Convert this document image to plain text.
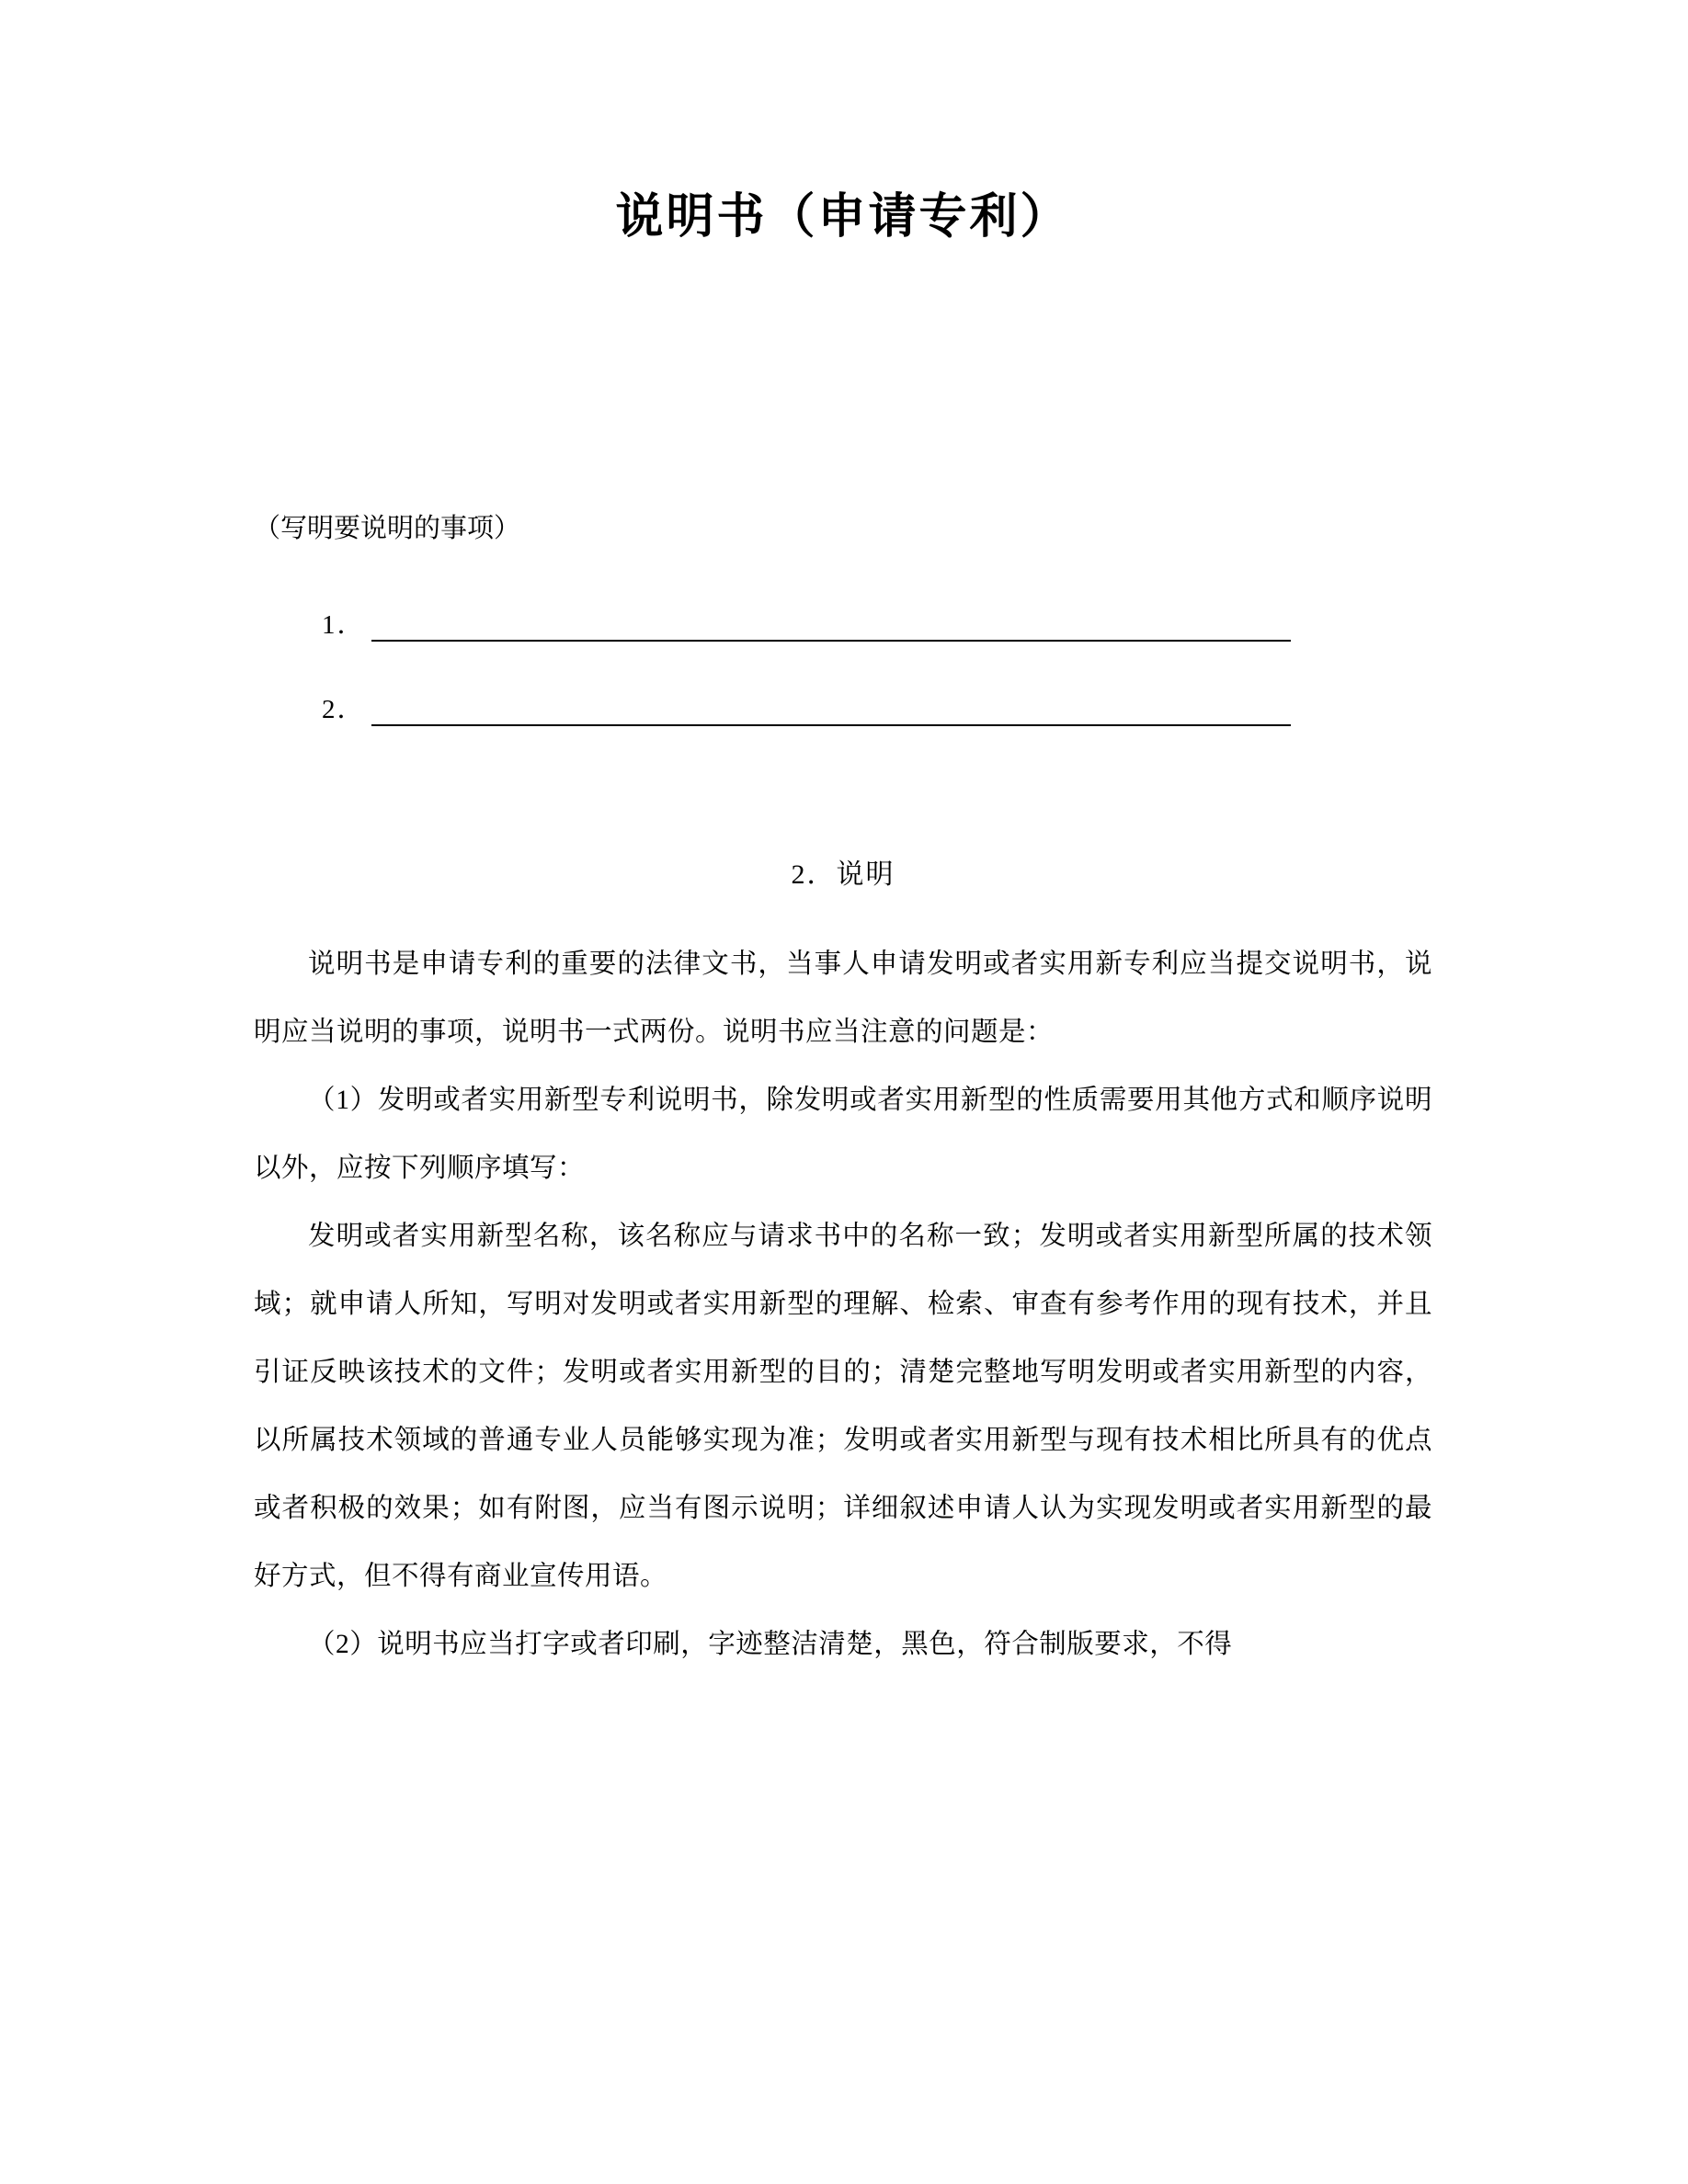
说明书（申请专利）
（写明要说明的事项）
1．
2．
2．说明

说明书是申请专利的重要的法律文书，当事人申请发明或者实用新专利应当提交说明书，说明应当说明的事项，说明书一式两份。说明书应当注意的问题是：

（1）发明或者实用新型专利说明书，除发明或者实用新型的性质需要用其他方式和顺序说明以外，应按下列顺序填写：

发明或者实用新型名称，该名称应与请求书中的名称一致；发明或者实用新型所属的技术领域；就申请人所知，写明对发明或者实用新型的理解、检索、审查有参考作用的现有技术，并且引证反映该技术的文件；发明或者实用新型的目的；清楚完整地写明发明或者实用新型的内容，以所属技术领域的普通专业人员能够实现为准；发明或者实用新型与现有技术相比所具有的优点或者积极的效果；如有附图，应当有图示说明；详细叙述申请人认为实现发明或者实用新型的最好方式，但不得有商业宣传用语。

（2）说明书应当打字或者印刷，字迹整洁清楚，黑色，符合制版要求，不得
